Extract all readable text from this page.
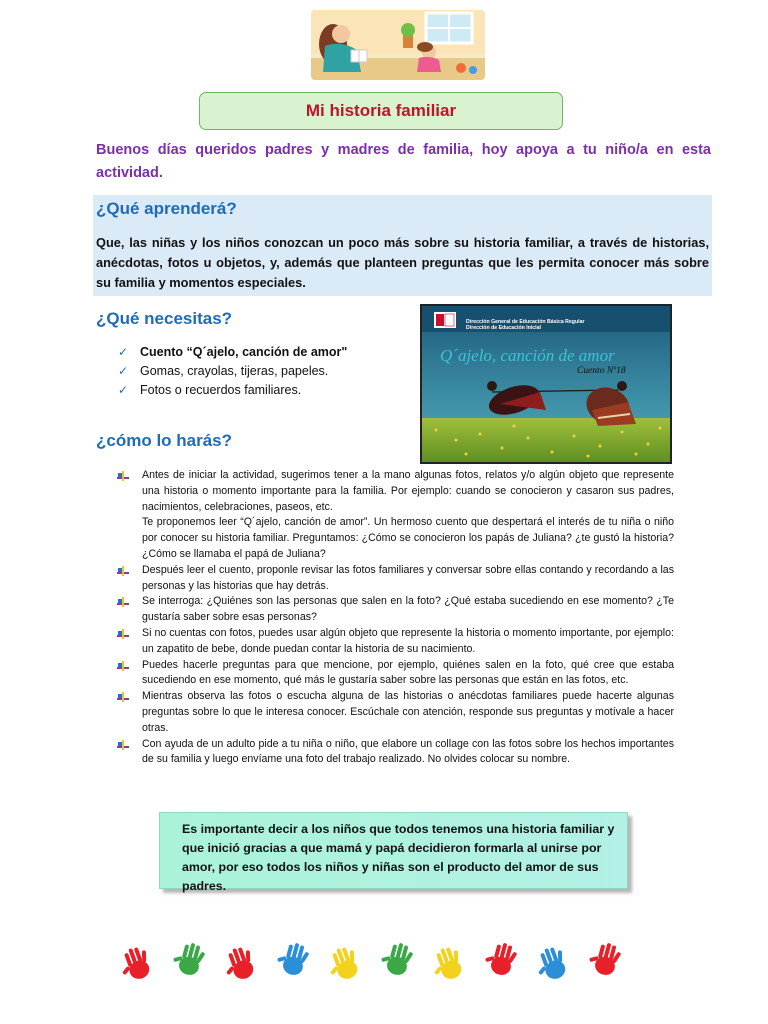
Mi historia familiar

Buenos días queridos padres y madres de familia, hoy apoya a tu niño/a en esta actividad.

¿Qué aprenderá?

Que, las niñas y los niños conozcan un poco más sobre su historia familiar, a través de historias, anécdotas, fotos u objetos, y, además que planteen preguntas que les permita conocer más sobre su familia y momentos especiales.

¿Qué necesitas?
✓ Cuento “Q´ajelo, canción de amor"
✓ Gomas, crayolas, tijeras, papeles.
✓ Fotos o recuerdos familiares.
Dirección General de Educación Básica Regular
Dirección de Educación Inicial
Q´ajelo, canción de amor
Cuento Nº18
¿cómo lo harás?
Antes de iniciar la actividad, sugerimos tener a la mano algunas fotos, relatos y/o algún objeto que represente una historia o momento importante para la familia. Por ejemplo: cuando se conocieron y casaron sus padres, nacimientos, celebraciones, paseos, etc.
Te proponemos leer “Q´ajelo, canción de amor”. Un hermoso cuento que despertará el interés de tu niña o niño por conocer su historia familiar. Preguntamos: ¿Cómo se conocieron los papás de Juliana? ¿te gustó la historia? ¿Cómo se llamaba el papá de Juliana?
Después leer el cuento, proponle revisar las fotos familiares y conversar sobre ellas contando y recordando a las personas y las historias que hay detrás.
Se interroga: ¿Quiénes son las personas que salen en la foto? ¿Qué estaba sucediendo en ese momento? ¿Te gustaría saber sobre esas personas?
Si no cuentas con fotos, puedes usar algún objeto que represente la historia o momento importante, por ejemplo: un zapatito de bebe, donde puedan contar la historia de su nacimiento.
Puedes hacerle preguntas para que mencione, por ejemplo, quiénes salen en la foto, qué cree que estaba sucediendo en ese momento, qué más le gustaría saber sobre las personas que están en las fotos, etc.
Mientras observa las fotos o escucha alguna de las historias o anécdotas familiares puede hacerte algunas preguntas sobre lo que le interesa conocer. Escúchale con atención, responde sus preguntas y motívale a hacer otras.
Con ayuda de un adulto pide a tu niña o niño, que elabore un collage con las fotos sobre los hechos importantes de su familia y luego envíame una foto del trabajo realizado. No olvides colocar su nombre.

Es importante decir a los niños que todos tenemos una historia familiar y que inició gracias a que mamá y papá decidieron formarla al unirse por amor, por eso todos los niños y niñas son el producto del amor de sus padres.
